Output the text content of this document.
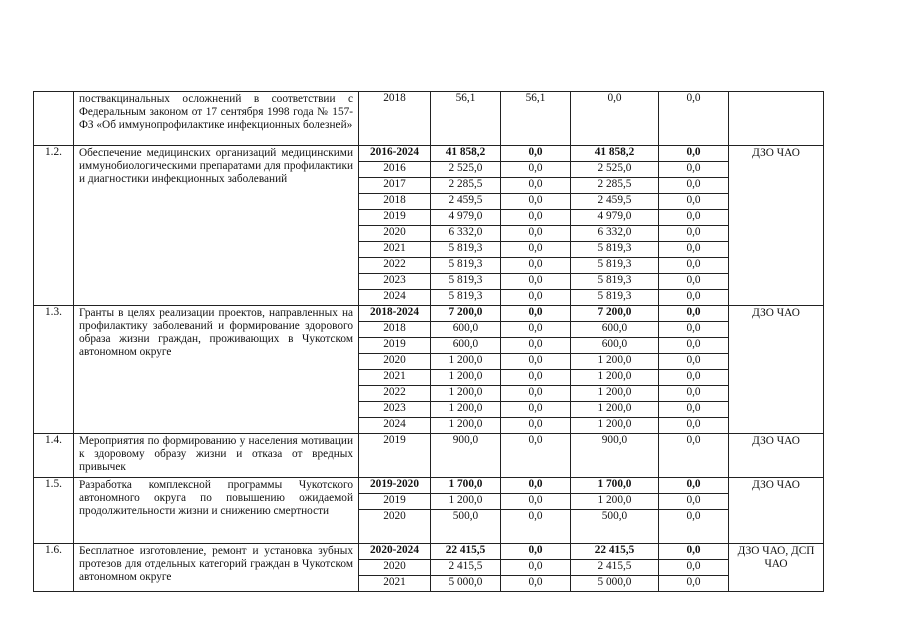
	поствакцинальных осложнений в соответствии с Федеральным законом от 17 сентября 1998 года № 157-ФЗ «Об иммунопрофилактике инфекционных болезней»	2018	56,1	56,1	0,0	0,0	
1.2.	Обеспечение медицинских организаций медицинскими иммунобиологическими препаратами для профилактики и диагностики инфекционных заболеваний	2016-2024	41 858,2	0,0	41 858,2	0,0	ДЗО ЧАО
		2016	2 525,0	0,0	2 525,0	0,0	
		2017	2 285,5	0,0	2 285,5	0,0	
		2018	2 459,5	0,0	2 459,5	0,0	
		2019	4 979,0	0,0	4 979,0	0,0	
		2020	6 332,0	0,0	6 332,0	0,0	
		2021	5 819,3	0,0	5 819,3	0,0	
		2022	5 819,3	0,0	5 819,3	0,0	
		2023	5 819,3	0,0	5 819,3	0,0	
		2024	5 819,3	0,0	5 819,3	0,0	
1.3.	Гранты в целях реализации проектов, направленных на профилактику заболеваний и формирование здорового образа жизни граждан, проживающих в Чукотском автономном округе	2018-2024	7 200,0	0,0	7 200,0	0,0	ДЗО ЧАО
		2018	600,0	0,0	600,0	0,0	
		2019	600,0	0,0	600,0	0,0	
		2020	1 200,0	0,0	1 200,0	0,0	
		2021	1 200,0	0,0	1 200,0	0,0	
		2022	1 200,0	0,0	1 200,0	0,0	
		2023	1 200,0	0,0	1 200,0	0,0	
		2024	1 200,0	0,0	1 200,0	0,0	
1.4.	Мероприятия по формированию у населения мотивации к здоровому образу жизни и отказа от вредных привычек	2019	900,0	0,0	900,0	0,0	ДЗО ЧАО
1.5.	Разработка комплексной программы Чукотского автономного округа по повышению ожидаемой продолжительности жизни и снижению смертности	2019-2020	1 700,0	0,0	1 700,0	0,0	ДЗО ЧАО
		2019	1 200,0	0,0	1 200,0	0,0	
		2020	500,0	0,0	500,0	0,0	
1.6.	Бесплатное изготовление, ремонт и установка зубных протезов для отдельных категорий граждан в Чукотском автономном округе	2020-2024	22 415,5	0,0	22 415,5	0,0	ДЗО ЧАО, ДСП ЧАО
		2020	2 415,5	0,0	2 415,5	0,0	
		2021	5 000,0	0,0	5 000,0	0,0	
